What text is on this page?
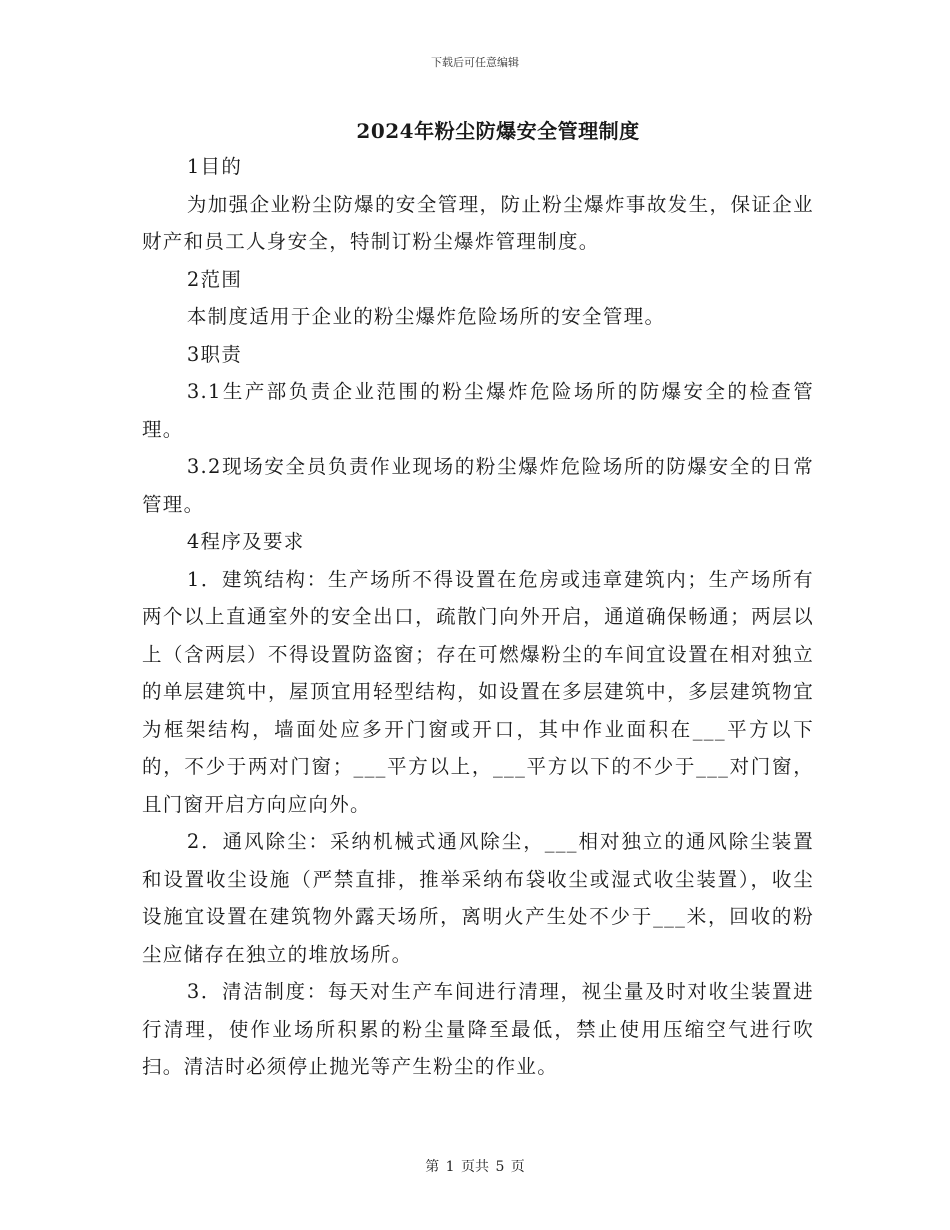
下载后可任意编辑
2024年粉尘防爆安全管理制度

1目的

为加强企业粉尘防爆的安全管理，防止粉尘爆炸事故发生，保证企业财产和员工人身安全，特制订粉尘爆炸管理制度。

2范围

本制度适用于企业的粉尘爆炸危险场所的安全管理。

3职责

3.1生产部负责企业范围的粉尘爆炸危险场所的防爆安全的检查管理。

3.2现场安全员负责作业现场的粉尘爆炸危险场所的防爆安全的日常管理。

4程序及要求

1．建筑结构：生产场所不得设置在危房或违章建筑内；生产场所有两个以上直通室外的安全出口，疏散门向外开启，通道确保畅通；两层以上（含两层）不得设置防盗窗；存在可燃爆粉尘的车间宜设置在相对独立的单层建筑中，屋顶宜用轻型结构，如设置在多层建筑中，多层建筑物宜为框架结构，墙面处应多开门窗或开口，其中作业面积在___平方以下的，不少于两对门窗；___平方以上，___平方以下的不少于___对门窗，且门窗开启方向应向外。

2．通风除尘：采纳机械式通风除尘，___相对独立的通风除尘装置和设置收尘设施（严禁直排，推举采纳布袋收尘或湿式收尘装置），收尘设施宜设置在建筑物外露天场所，离明火产生处不少于___米，回收的粉尘应储存在独立的堆放场所。

3．清洁制度：每天对生产车间进行清理，视尘量及时对收尘装置进行清理，使作业场所积累的粉尘量降至最低，禁止使用压缩空气进行吹扫。清洁时必须停止抛光等产生粉尘的作业。

第 1 页共 5 页
